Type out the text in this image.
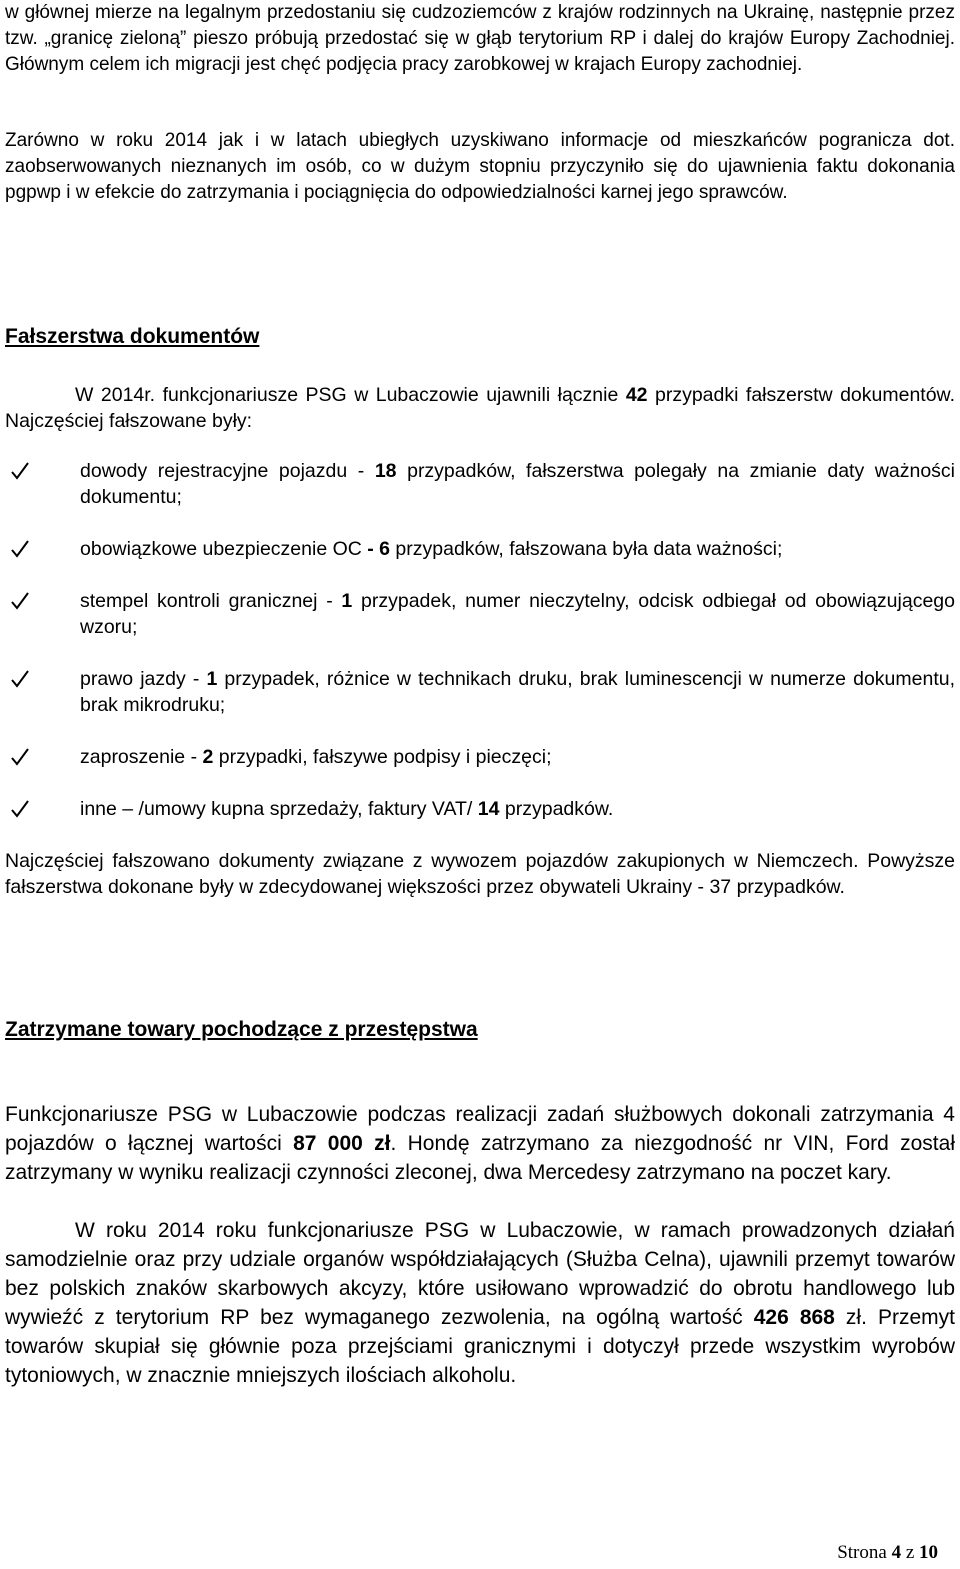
w głównej mierze na legalnym przedostaniu się cudzoziemców z krajów rodzinnych na Ukrainę, następnie przez tzw. „granicę zieloną” pieszo próbują przedostać się w głąb terytorium RP i dalej do krajów Europy Zachodniej. Głównym celem ich migracji jest chęć podjęcia pracy zarobkowej w krajach Europy zachodniej.

Zarówno w roku 2014 jak i w latach ubiegłych uzyskiwano informacje od mieszkańców pogranicza dot. zaobserwowanych nieznanych im osób, co w dużym stopniu przyczyniło się do ujawnienia faktu dokonania pgpwp i w efekcie do zatrzymania i pociągnięcia do odpowiedzialności karnej jego sprawców.

Fałszerstwa dokumentów

W 2014r. funkcjonariusze PSG w Lubaczowie ujawnili łącznie 42 przypadki fałszerstw dokumentów. Najczęściej fałszowane były:

dowody rejestracyjne pojazdu - 18 przypadków, fałszerstwa polegały na zmianie daty ważności dokumentu;

obowiązkowe ubezpieczenie OC - 6 przypadków, fałszowana była data ważności;

stempel kontroli granicznej - 1 przypadek, numer nieczytelny, odcisk odbiegał od obowiązującego wzoru;

prawo jazdy - 1 przypadek, różnice w technikach druku, brak luminescencji w numerze dokumentu, brak mikrodruku;

zaproszenie - 2 przypadki, fałszywe podpisy i pieczęci;

inne – /umowy kupna sprzedaży, faktury VAT/ 14 przypadków.

Najczęściej fałszowano dokumenty związane z wywozem pojazdów zakupionych w Niemczech. Powyższe fałszerstwa dokonane były w zdecydowanej większości przez obywateli Ukrainy - 37 przypadków.

Zatrzymane towary pochodzące z przestępstwa

Funkcjonariusze PSG w Lubaczowie podczas realizacji zadań służbowych dokonali zatrzymania 4 pojazdów o łącznej wartości 87 000 zł. Hondę zatrzymano za niezgodność nr VIN, Ford został zatrzymany w wyniku realizacji czynności zleconej, dwa Mercedesy zatrzymano na poczet kary.

W roku 2014 roku funkcjonariusze PSG w Lubaczowie, w ramach prowadzonych działań samodzielnie oraz przy udziale organów współdziałających (Służba Celna), ujawnili przemyt towarów bez polskich znaków skarbowych akcyzy, które usiłowano wprowadzić do obrotu handlowego lub wywieźć z terytorium RP bez wymaganego zezwolenia, na ogólną wartość 426 868 zł. Przemyt towarów skupiał się głównie poza przejściami granicznymi i dotyczył przede wszystkim wyrobów tytoniowych, w znacznie mniejszych ilościach alkoholu.

Strona 4 z 10
